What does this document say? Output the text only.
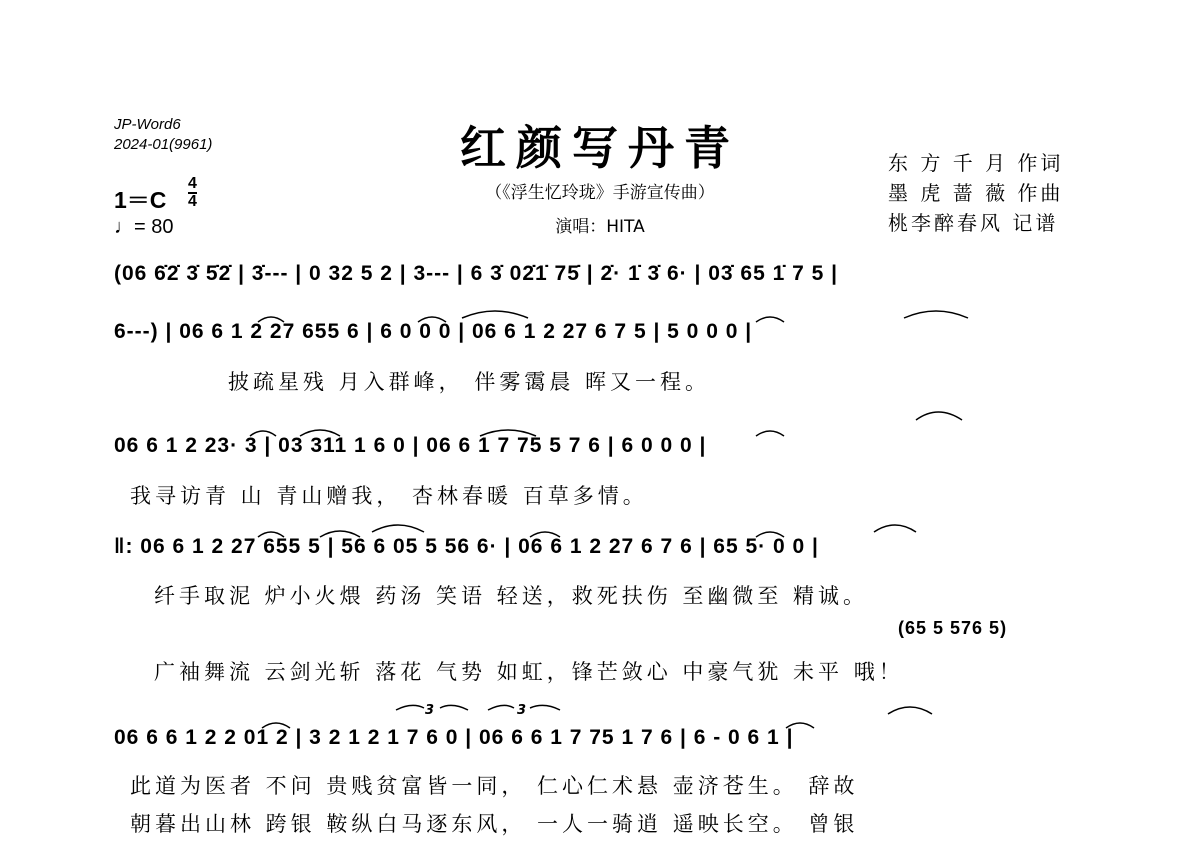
JP-Word6
2024-01(9961)	红颜写丹青
（《浮生忆玲珑》手游宣传曲）
演唱：HITA
东 方 千 月 作词
墨 虎 蔷 薇 作曲
桃李醉春风 记谱
$1=C \frac{4}{4}$
♩= 80
(06 6̇2̇ 3̇ 5̇2̇ | 3̇--- | 0 32 5 2 | 3--- | 6 3̇ 02̇1̇ 75̇ | 2̇· 1̇ 3̇ 6· | 03̇ 65 1̇ 7 5 |
6---) | 06 6 1 2 27 655 6 | 6 0 0 0 | 06 6 1 2 27 6 7 5 | 5 0 0 0 |
披疏星残 月入群峰， 伴雾霭晨 晖又一程。
06 6 1 2 23· 3 | 03 311 1 6 0 | 06 6 1 7 75 5 7 6 | 6 0 0 0 |
我寻访青 山 青山赠我， 杏林春暖 百草多情。
‖: 06 6 1 2 27 655 5 | 56 6 05 5 56 6· | 06 6 1 2 27 6 7 6 | 65 5· 0 0 |
纤手取泥 炉小火煨 药汤 笑语 轻送，救死扶伤 至幽微至 精诚。
(65 5 576 5)
广袖舞流 云剑光斩 落花 气势 如虹，锋芒敛心 中豪气犹 未平 哦！
06 6 6 1 2 2 01 2 | 3 2 1 2 1 7 6 0 | 06 6 6 1 7 75 1 7 6 | 6 - 0 6 1 |
3	3
此道为医者 不问 贵贱贫富皆一同， 仁心仁术悬 壶济苍生。 辞故
朝暮出山林 跨银 鞍纵白马逐东风， 一人一骑逍 遥映长空。 曾银
